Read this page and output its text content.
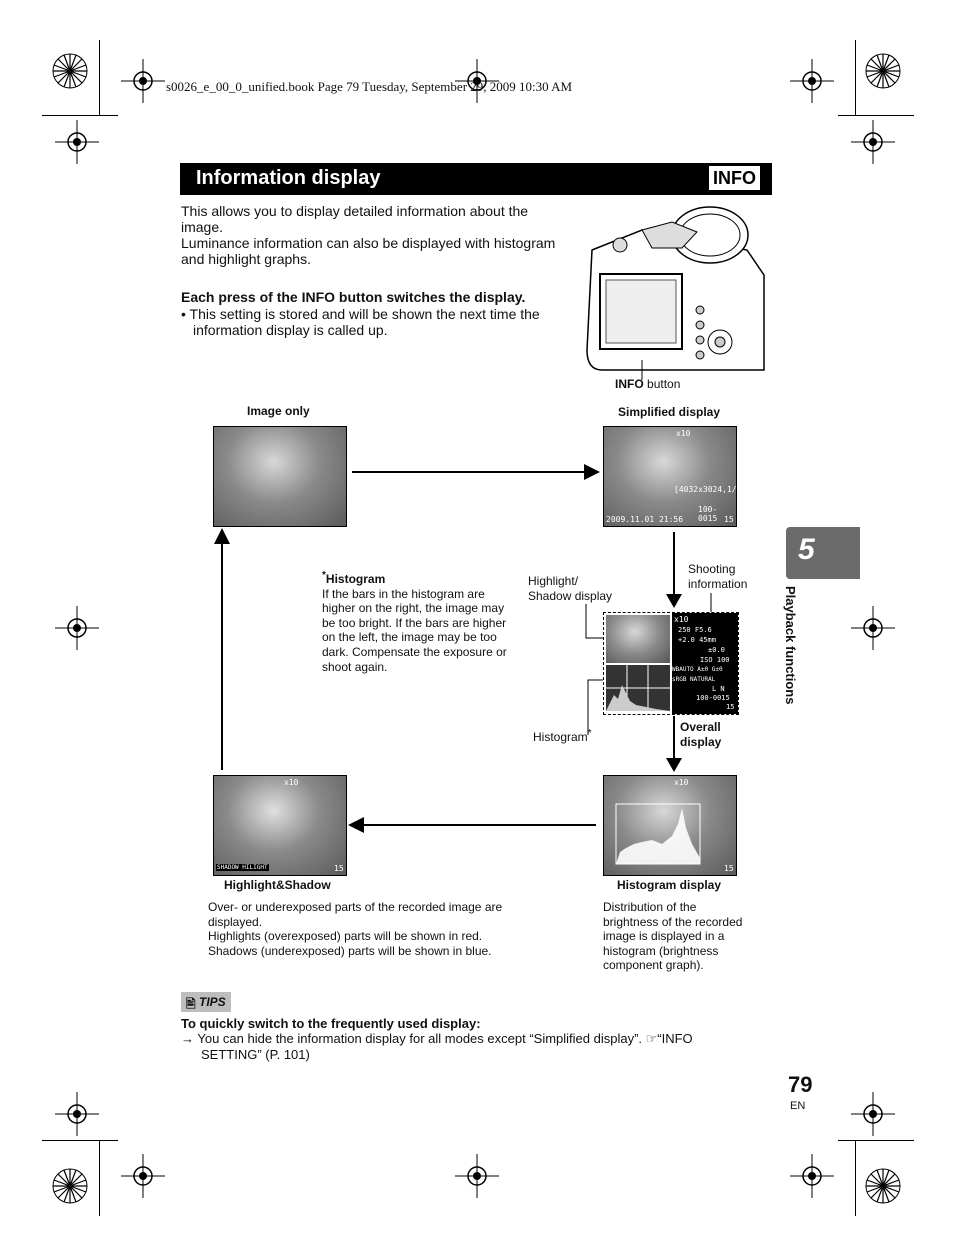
s0026_e_00_0_unified.book Page 79 Tuesday, September 29, 2009 10:30 AM
Information display	INFO
This allows you to display detailed information about the
image.
Luminance information can also be displayed with histogram
and highlight graphs.
Each press of the INFO button switches the display.
• This setting is stored and will be shown the next time the
information display is called up.
INFO button
Image only	Simplified display
Highlight&Shadow	Histogram display
x10
[4032x3024,1/8]
100-0015
2009.11.01 21:56	15
x10
250 F5.6
+2.0 45mm
±0.0
ISO 100
WBAUTO A±0 G±0
sRGB NATURAL
L N
100-0015
15
x10
SHADOW HILIGHT	15
x10
15
*Histogram
If the bars in the histogram are
higher on the right, the image may
be too bright. If the bars are higher
on the left, the image may be too
dark. Compensate the exposure or
shoot again.
Highlight/
Shadow display
Shooting
information
Histogram*	Overall
display
Over- or underexposed parts of the recorded image are
displayed.
Highlights (overexposed) parts will be shown in red.
Shadows (underexposed) parts will be shown in blue.
Distribution of the
brightness of the recorded
image is displayed in a
histogram (brightness
component graph).
🖹 TIPS
To quickly switch to the frequently used display:
→ You can hide the information display for all modes except “Simplified display”. ☞“INFO
SETTING” (P. 101)
5
Playback functions
79
EN
